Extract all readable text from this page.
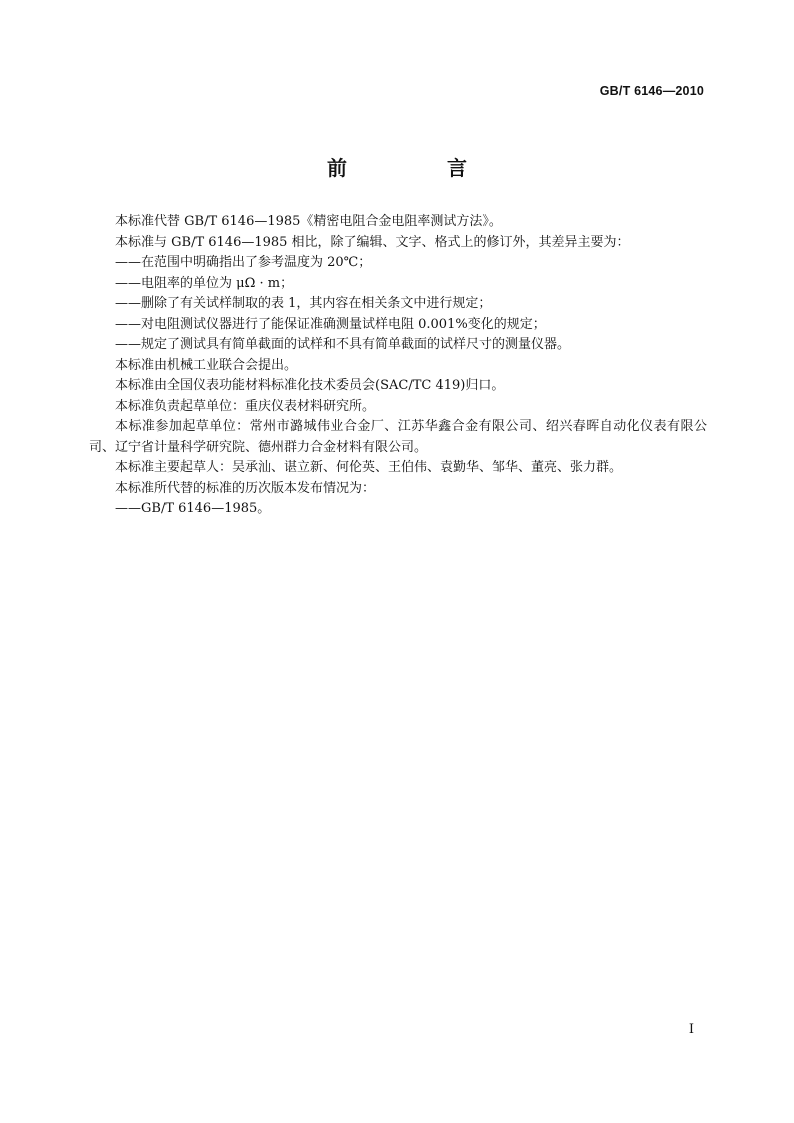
GB/T 6146—2010
前　言

本标准代替 GB/T 6146—1985《精密电阻合金电阻率测试方法》。

本标准与 GB/T 6146—1985 相比，除了编辑、文字、格式上的修订外，其差异主要为：

——在范围中明确指出了参考温度为 20℃；

——电阻率的单位为 μΩ · m；

——删除了有关试样制取的表 1，其内容在相关条文中进行规定；

——对电阻测试仪器进行了能保证准确测量试样电阻 0.001%变化的规定；

——规定了测试具有简单截面的试样和不具有简单截面的试样尺寸的测量仪器。

本标准由机械工业联合会提出。

本标准由全国仪表功能材料标准化技术委员会(SAC/TC 419)归口。

本标准负责起草单位：重庆仪表材料研究所。

本标准参加起草单位：常州市潞城伟业合金厂、江苏华鑫合金有限公司、绍兴春晖自动化仪表有限公司、辽宁省计量科学研究院、德州群力合金材料有限公司。

本标准主要起草人：吴承汕、谌立新、何伦英、王伯伟、袁勤华、邹华、董亮、张力群。

本标准所代替的标准的历次版本发布情况为：

——GB/T 6146—1985。

I
